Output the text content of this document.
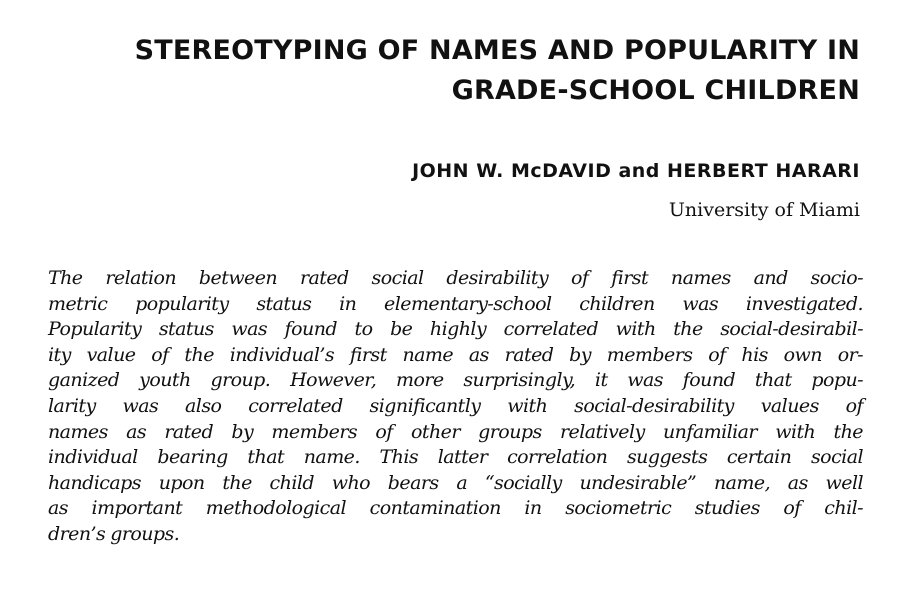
STEREOTYPING OF NAMES AND POPULARITY IN
GRADE-SCHOOL CHILDREN

JOHN W. McDAVID and HERBERT HARARI

University of Miami

The relation between rated social desirability of first names and socio-
metric popularity status in elementary-school children was investigated.
Popularity status was found to be highly correlated with the social-desirabil-
ity value of the individual’s first name as rated by members of his own or-
ganized youth group. However, more surprisingly, it was found that popu-
larity was also correlated significantly with social-desirability values of
names as rated by members of other groups relatively unfamiliar with the
individual bearing that name. This latter correlation suggests certain social
handicaps upon the child who bears a “socially undesirable” name, as well
as important methodological contamination in sociometric studies of chil-
dren’s groups.
